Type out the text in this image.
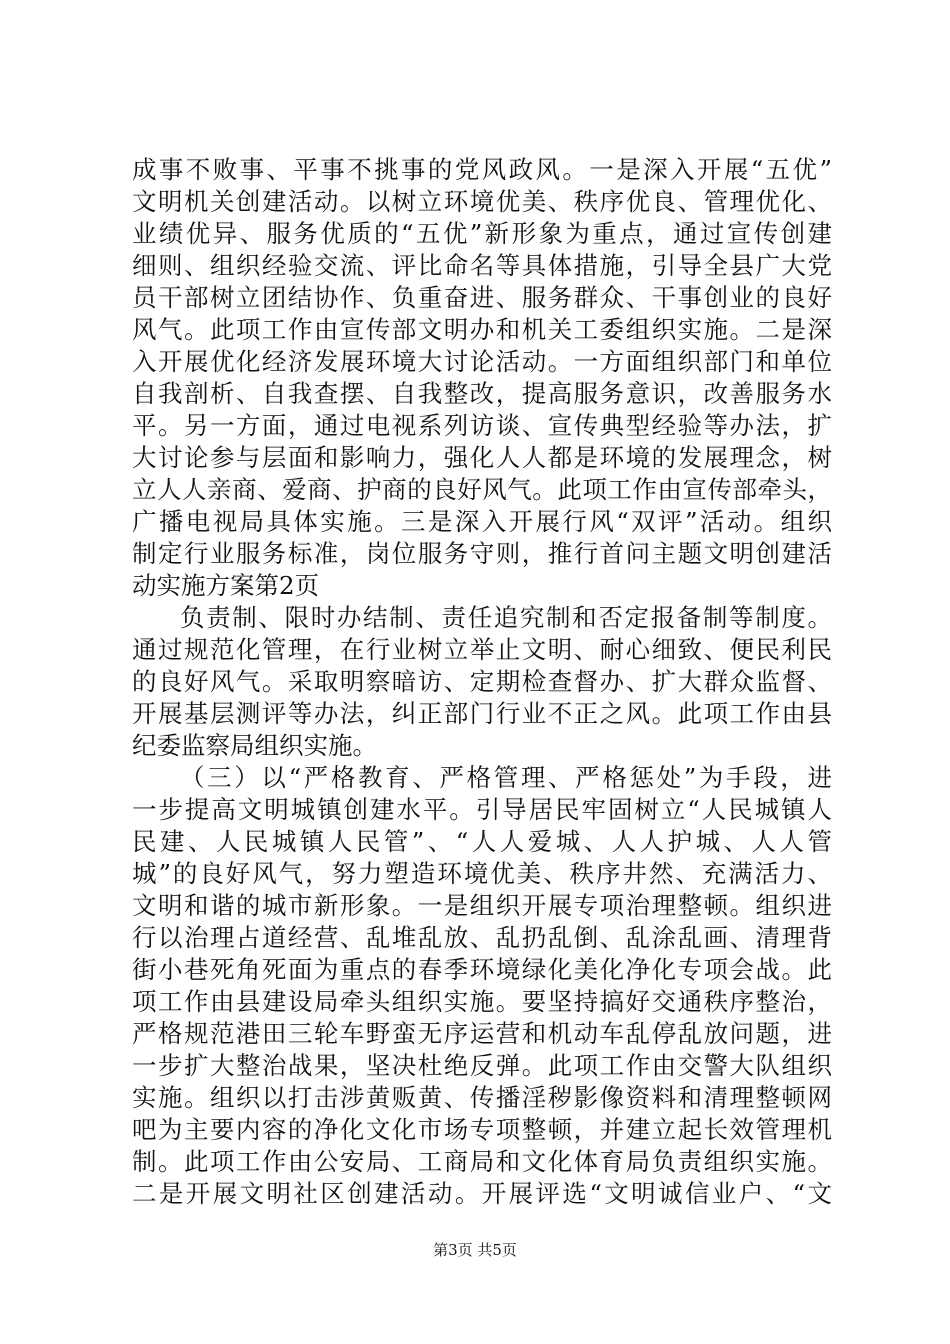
成事不败事、平事不挑事的党风政风。一是深入开展“五优”
文明机关创建活动。以树立环境优美、秩序优良、管理优化、
业绩优异、服务优质的“五优”新形象为重点，通过宣传创建
细则、组织经验交流、评比命名等具体措施，引导全县广大党
员干部树立团结协作、负重奋进、服务群众、干事创业的良好
风气。此项工作由宣传部文明办和机关工委组织实施。二是深
入开展优化经济发展环境大讨论活动。一方面组织部门和单位
自我剖析、自我查摆、自我整改，提高服务意识，改善服务水
平。另一方面，通过电视系列访谈、宣传典型经验等办法，扩
大讨论参与层面和影响力，强化人人都是环境的发展理念，树
立人人亲商、爱商、护商的良好风气。此项工作由宣传部牵头，
广播电视局具体实施。三是深入开展行风“双评”活动。组织
制定行业服务标准，岗位服务守则，推行首问主题文明创建活
动实施方案第2页
负责制、限时办结制、责任追究制和否定报备制等制度。
通过规范化管理，在行业树立举止文明、耐心细致、便民利民
的良好风气。采取明察暗访、定期检查督办、扩大群众监督、
开展基层测评等办法，纠正部门行业不正之风。此项工作由县
纪委监察局组织实施。
（三）以“严格教育、严格管理、严格惩处”为手段，进
一步提高文明城镇创建水平。引导居民牢固树立“人民城镇人
民建、人民城镇人民管”、“人人爱城、人人护城、人人管
城”的良好风气，努力塑造环境优美、秩序井然、充满活力、
文明和谐的城市新形象。一是组织开展专项治理整顿。组织进
行以治理占道经营、乱堆乱放、乱扔乱倒、乱涂乱画、清理背
街小巷死角死面为重点的春季环境绿化美化净化专项会战。此
项工作由县建设局牵头组织实施。要坚持搞好交通秩序整治，
严格规范港田三轮车野蛮无序运营和机动车乱停乱放问题，进
一步扩大整治战果，坚决杜绝反弹。此项工作由交警大队组织
实施。组织以打击涉黄贩黄、传播淫秽影像资料和清理整顿网
吧为主要内容的净化文化市场专项整顿，并建立起长效管理机
制。此项工作由公安局、工商局和文化体育局负责组织实施。
二是开展文明社区创建活动。开展评选“文明诚信业户、“文
第3页 共5页
